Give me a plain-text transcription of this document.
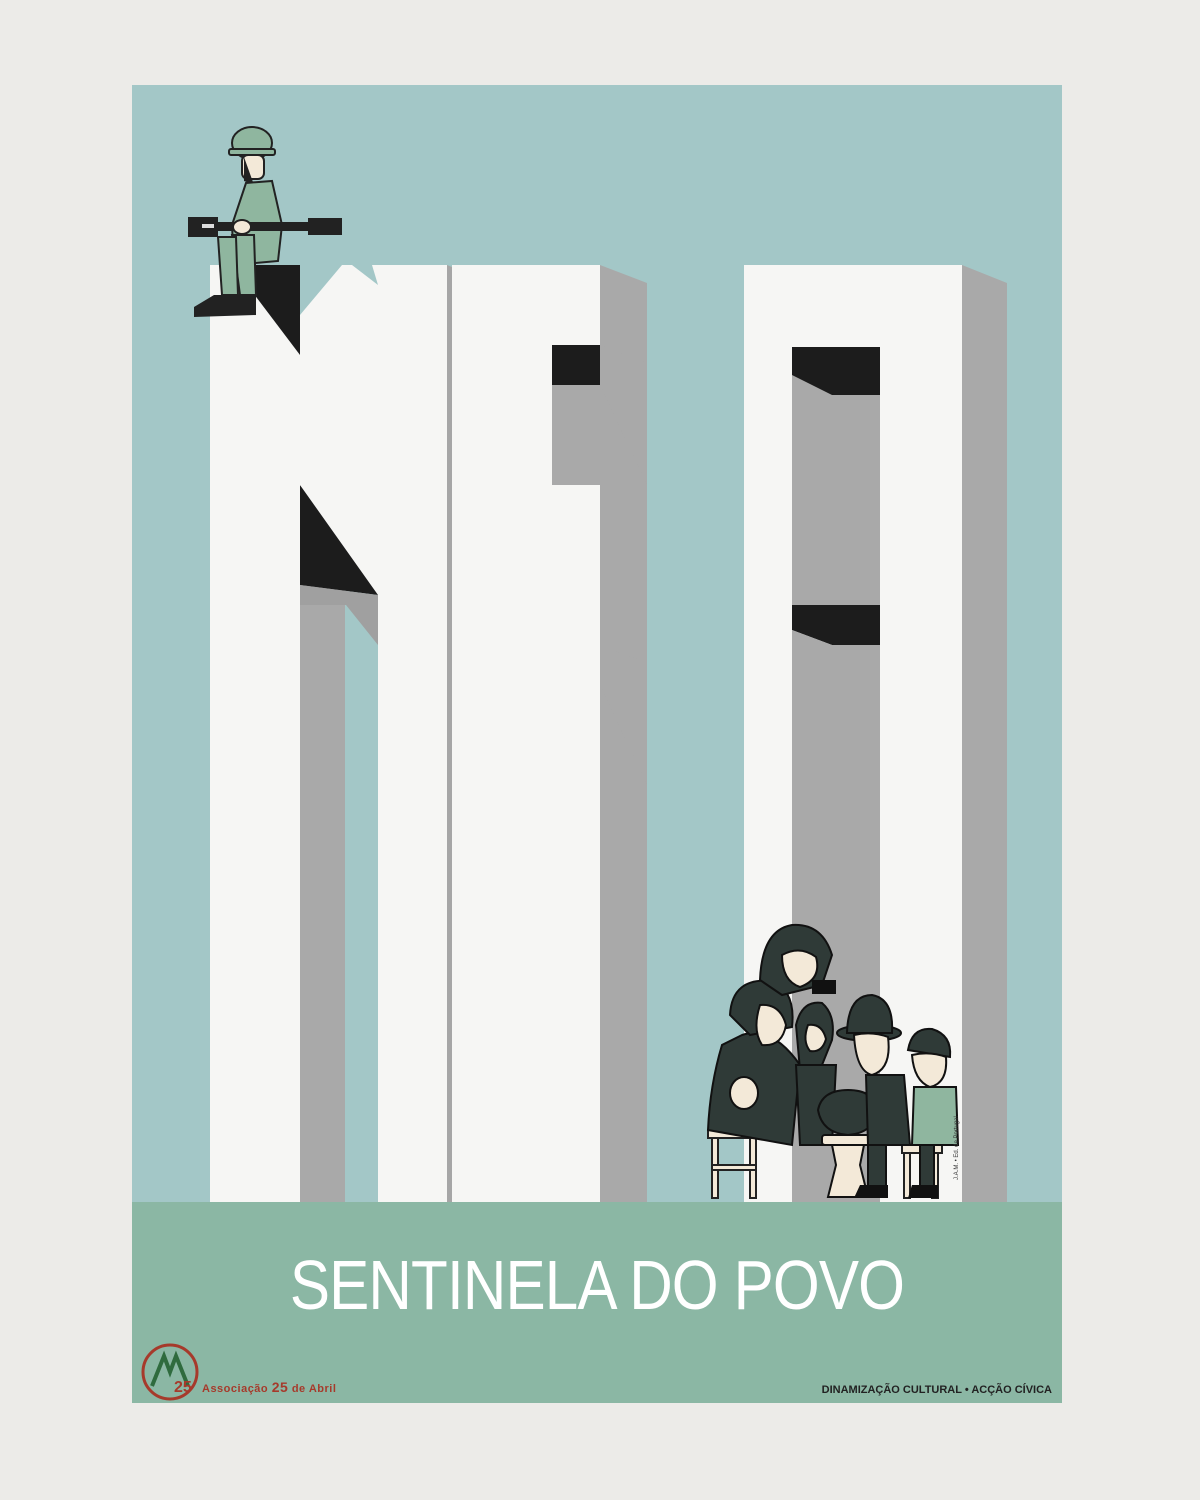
SENTINELA DO POVO
25 Associação 25 de Abril	DINAMIZAÇÃO CULTURAL • ACÇÃO CÍVICA
J.A.M. • Ed. de Portugal
